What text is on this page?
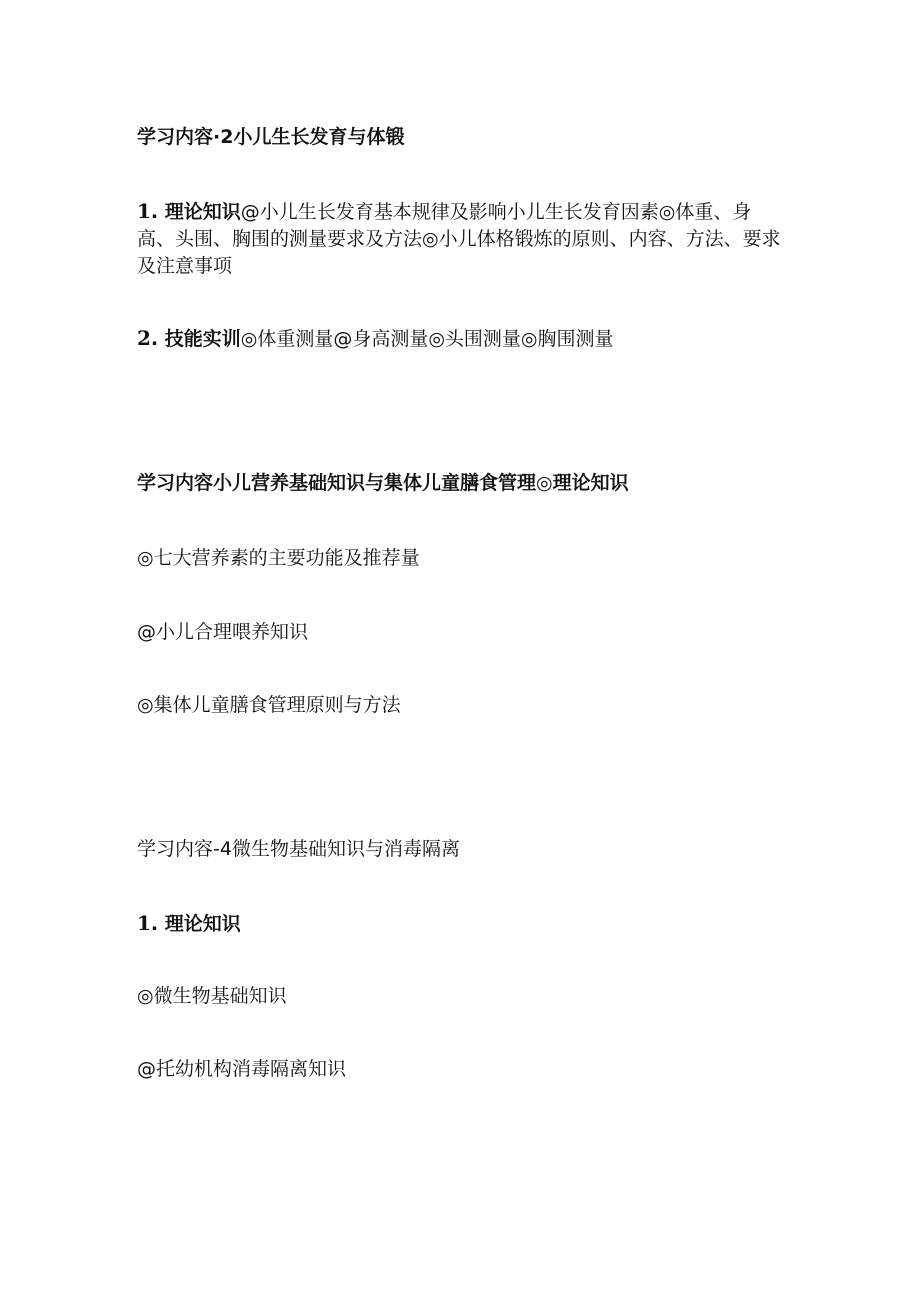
学习内容·2小儿生长发育与体锻
1. 理论知识@小儿生长发育基本规律及影响小儿生长发育因素◎体重、身高、头围、胸围的测量要求及方法◎小儿体格锻炼的原则、内容、方法、要求及注意事项
2. 技能实训◎体重测量@身高测量◎头围测量◎胸围测量
学习内容小儿营养基础知识与集体儿童膳食管理◎理论知识
◎七大营养素的主要功能及推荐量
@小儿合理喂养知识
◎集体儿童膳食管理原则与方法
学习内容-4微生物基础知识与消毒隔离
1. 理论知识
◎微生物基础知识
@托幼机构消毒隔离知识
